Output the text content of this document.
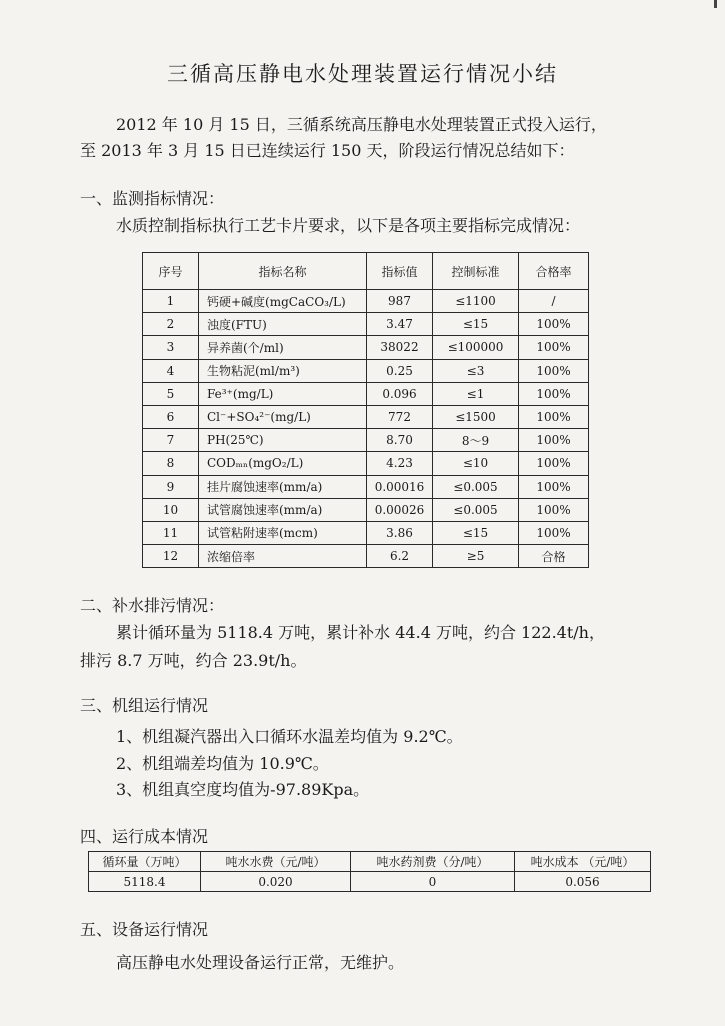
三循高压静电水处理装置运行情况小结

2012 年 10 月 15 日，三循系统高压静电水处理装置正式投入运行，

至 2013 年 3 月 15 日已连续运行 150 天，阶段运行情况总结如下：

一、监测指标情况：

水质控制指标执行工艺卡片要求，以下是各项主要指标完成情况：

序号	指标名称	指标值	控制标准	合格率
1	钙硬+碱度(mgCaCO₃/L)	987	≤1100	/
2	浊度(FTU)	3.47	≤15	100%
3	异养菌(个/ml)	38022	≤100000	100%
4	生物粘泥(ml/m³)	0.25	≤3	100%
5	Fe³⁺(mg/L)	0.096	≤1	100%
6	Cl⁻+SO₄²⁻(mg/L)	772	≤1500	100%
7	PH(25℃)	8.70	8～9	100%
8	CODₘₙ(mgO₂/L)	4.23	≤10	100%
9	挂片腐蚀速率(mm/a)	0.00016	≤0.005	100%
10	试管腐蚀速率(mm/a)	0.00026	≤0.005	100%
11	试管粘附速率(mcm)	3.86	≤15	100%
12	浓缩倍率	6.2	≥5	合格
二、补水排污情况：

累计循环量为 5118.4 万吨，累计补水 44.4 万吨，约合 122.4t/h，

排污 8.7 万吨，约合 23.9t/h。

三、机组运行情况

1、机组凝汽器出入口循环水温差均值为 9.2℃。

2、机组端差均值为 10.9℃。

3、机组真空度均值为-97.89Kpa。

四、运行成本情况
循环量（万吨）	吨水水费（元/吨）	吨水药剂费（分/吨）	吨水成本 （元/吨）
5118.4	0.020	0	0.056
五、设备运行情况

高压静电水处理设备运行正常，无维护。
